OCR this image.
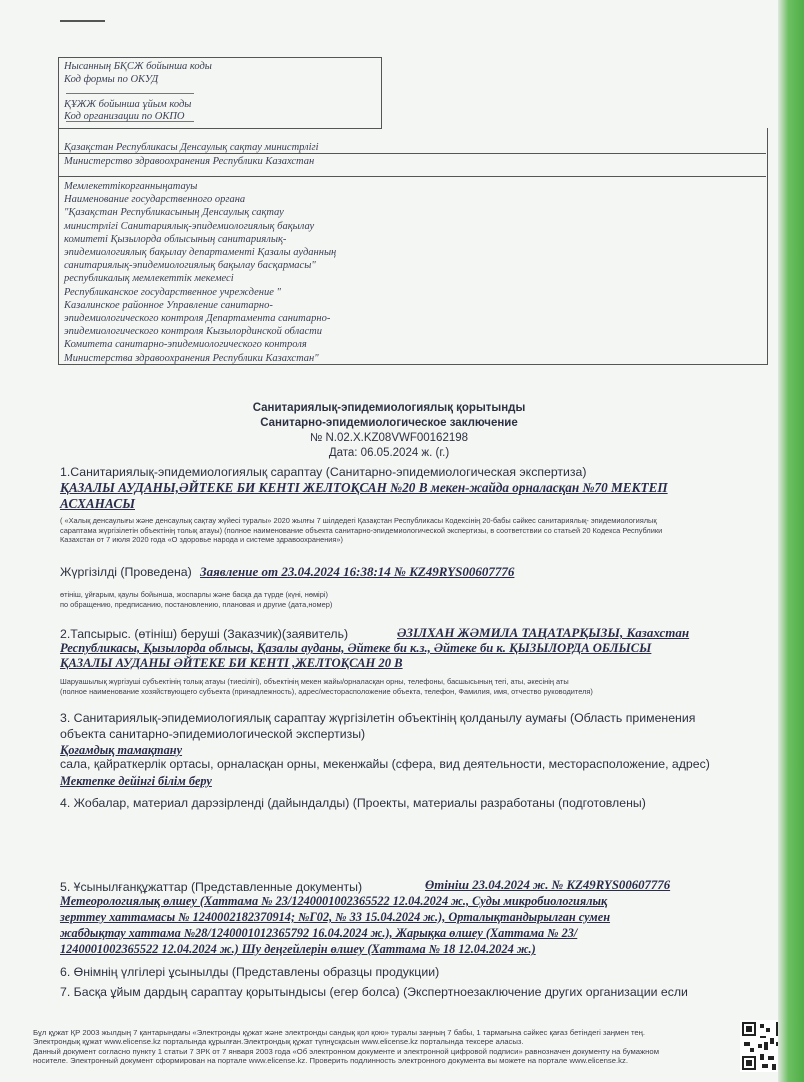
Нысанның БҚСЖ бойынша коды
Код формы по ОКУД
ҚҰЖЖ бойынша ұйым коды
Код организации по ОКПО
Қазақстан Республикасы Денсаулық сақтау министрлігі
Министерство здравоохранения Республики Казахстан
Мемлекеттікорганныңатауы
Наименование государственного органа
"Қазақстан Республикасының Денсаулық сақтау
министрлігі Санитариялық-эпидемиологиялық бақылау
комитеті Қызылорда облысының санитариялық-
эпидемиологиялық бақылау департаменті Қазалы ауданның
санитариялық-эпидемиологиялық бақылау басқармасы"
республикалық мемлекеттік мекемесі
Республиканское государственное учреждение "
Казалинское районное Управление санитарно-
эпидемиологического контроля Департамента санитарно-
эпидемиологического контроля Кызылординской области
Комитета санитарно-эпидемиологического контроля
Министерства здравоохранения Республики Казахстан"
Санитариялық-эпидемиологиялық қорытынды
Санитарно-эпидемиологическое заключение
№ N.02.X.KZ08VWF00162198
Дата: 06.05.2024 ж. (г.)
1.Санитариялық-эпидемиологиялық сараптау (Санитарно-эпидемиологическая экспертиза)
ҚАЗАЛЫ АУДАНЫ,ӘЙТЕКЕ БИ КЕНТІ ЖЕЛТОҚСАН №20 В мекен-жайда орналасқан №70 МЕКТЕП
АСХАНАСЫ
( «Халық денсаулығы және денсаулық сақтау жүйесі туралы» 2020 жылғы 7 шілдедегі Қазақстан Республикасы Кодексінің 20-бабы сәйкес санитариялық- эпидемиологиялық
сараптама жүргізілетін объектінің толық атауы) (полное наименование объекта санитарно-эпидемиологической экспертизы, в соответствии со статьей 20 Кодекса Республики
Казахстан от 7 июля 2020 года «О здоровье народа и системе здравоохранения»)
Жүргізілді (Проведена) Заявление от 23.04.2024 16:38:14 № KZ49RYS00607776
өтініш, ұйғарым, қаулы бойынша, жоспарлы және басқа да түрде (күні, нөмірі)
по обращению, предписанию, постановлению, плановая и другие (дата,номер)
2.Тапсырыс. (өтініш) беруші (Заказчик)(заявитель)	ӘЗІЛХАН ЖӘМИЛА ТАҢАТАРҚЫЗЫ, Казахстан
Республикасы, Қызылорда облысы, Қазалы ауданы, Әйтеке би к.з., Әйтеке би к. ҚЫЗЫЛОРДА ОБЛЫСЫ
ҚАЗАЛЫ АУДАНЫ ӘЙТЕКЕ БИ КЕНТІ ,ЖЕЛТОҚСАН 20 В
Шаруашылық жүргізуші субъектінің толық атауы (тиесілігі), объектінің мекен жайы/орналасқан орны, телефоны, басшысының тегі, аты, әкесінің аты
(полное наименование хозяйствующего субъекта (принадлежность), адрес/месторасположение объекта, телефон, Фамилия, имя, отчество руководителя)
3. Санитариялық-эпидемиологиялық сараптау жүргізілетін объектінің қолданылу аумағы (Область применения
объекта санитарно-эпидемиологической экспертизы)
Қоғамдық тамақтану
сала, қайраткерлік ортасы, орналасқан орны, мекенжайы (сфера, вид деятельности, месторасположение, адрес)
Мектепке дейінгі білім беру
4. Жобалар, материал дарэзірленді (дайындалды) (Проекты, материалы разработаны (подготовлены)
5. Ұсынылғанқұжаттар (Представленные документы)	Өтініш 23.04.2024 ж. № KZ49RYS00607776
Метеорологиялық өлшеу (Хаттама № 23/1240001002365522 12.04.2024 ж., Суды микробиологиялық
зерттеу хаттамасы № 1240002182370914; №Г02, № 33 15.04.2024 ж.), Орталықтандырылған сумен
жабдықтау хаттама №28/1240001012365792 16.04.2024 ж.), Жарықка өлшеу (Хаттама № 23/
1240001002365522 12.04.2024 ж.) Шу деңгейлерін өлшеу (Хаттама № 18 12.04.2024 ж.)
6. Өнімнің үлгілері ұсынылды (Представлены образцы продукции)
7. Басқа ұйым дардың сараптау қорытындысы (егер болса) (Экспертноезаключение других организации если
Бұл құжат ҚР 2003 жылдың 7 қантарындағы «Электронды құжат және электронды сандық қол қою» туралы заңның 7 бабы, 1 тармағына сәйкес қағаз бетіндегі заңмен тең.
Электрондық құжат www.elicense.kz порталында құрылған.Электрондық құжат түпнұсқасын www.elicense.kz порталында тексере аласыз.
Данный документ согласно пункту 1 статьи 7 ЗРК от 7 января 2003 года «Об электронном документе и электронной цифровой подписи» равнозначен документу на бумажном
носителе. Электронный документ сформирован на портале www.elicense.kz. Проверить подлинность электронного документа вы можете на портале www.elicense.kz.
